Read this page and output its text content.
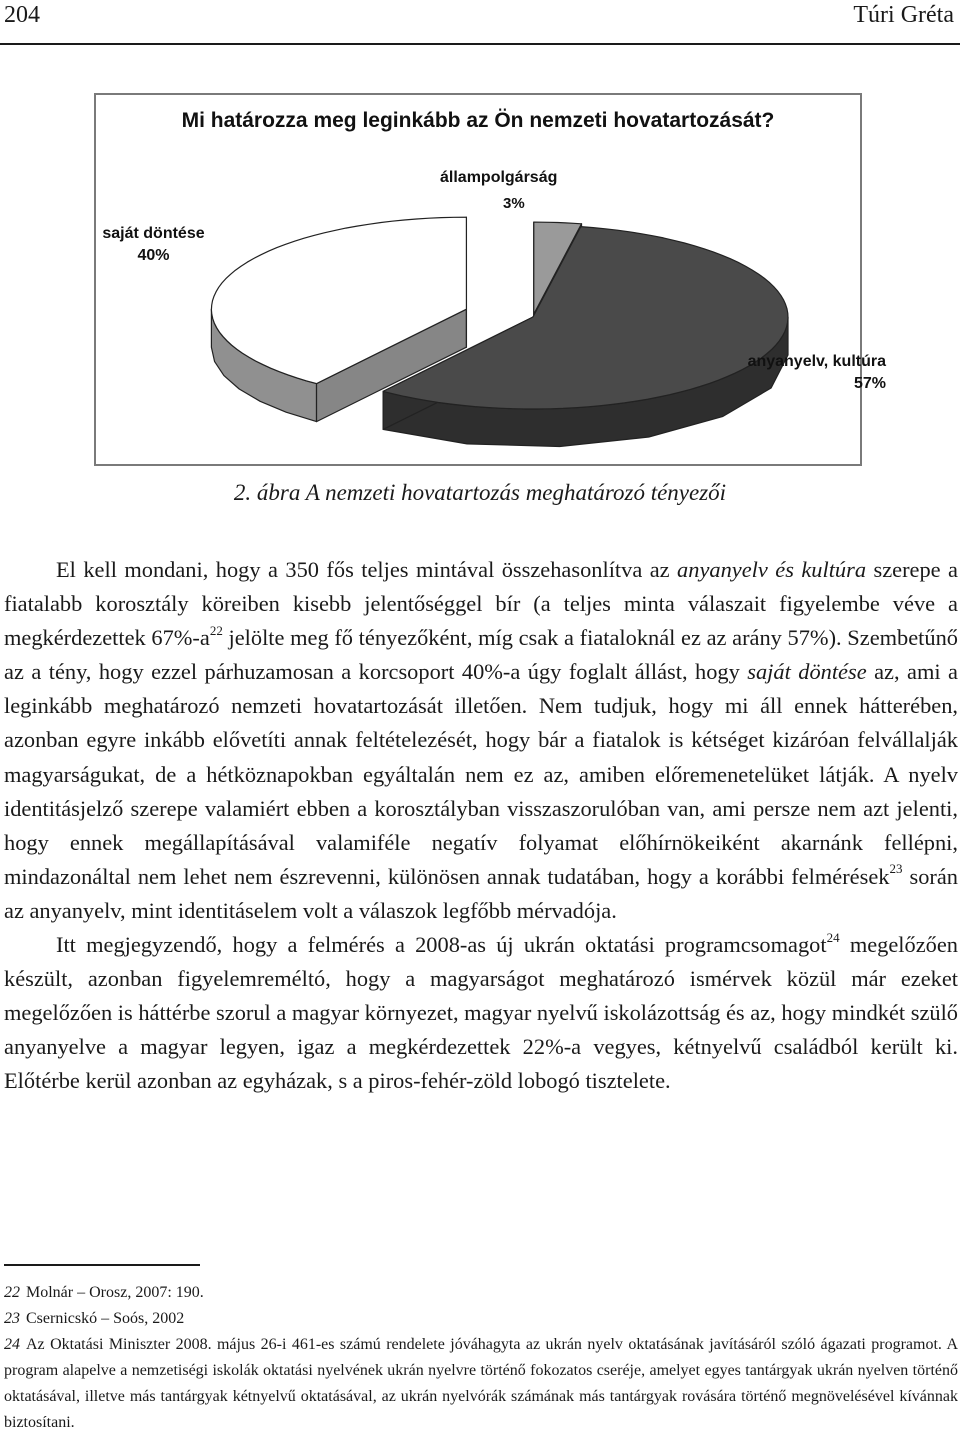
204	Túri Gréta
Mi határozza meg leginkább az Ön nemzeti hovatartozását?
állampolgárság
3%
saját döntése
40%
anyanyelv, kultúra
57%
2. ábra A nemzeti hovatartozás meghatározó tényezői

El kell mondani, hogy a 350 fős teljes mintával összehasonlítva az anyanyelv és kultúra szerepe a fiatalabb korosztály köreiben kisebb jelentőséggel bír (a teljes minta válaszait figyelembe véve a megkérdezettek $67\%-a^{22}$ jelölte meg fő tényezőként, míg csak a fiataloknál ez az arány 57%). Szembetűnő az a tény, hogy ezzel párhuzamosan a korcsoport 40%-a úgy foglalt állást, hogy saját döntése az, ami a leginkább meghatározó nemzeti hovatartozását illetően. Nem tudjuk, hogy mi áll ennek hátterében, azonban egyre inkább elővetíti annak feltételezését, hogy bár a fiatalok is kétséget kizáróan felvállalják magyarságukat, de a hétköznapokban egyáltalán nem ez az, amiben előremenetelüket látják. A nyelv identitásjelző szerepe valamiért ebben a korosztályban visszaszorulóban van, ami persze nem azt jelenti, hogy ennek megállapításával valamiféle negatív folyamat előhírnökeiként akarnánk fellépni, mindazonáltal nem lehet nem észrevenni, különösen annak tudatában, hogy a korábbi felmérések$^{23}$ során az anyanyelv, mint identitáselem volt a válaszok legfőbb mérvadója.

Itt megjegyzendő, hogy a felmérés a 2008-as új ukrán oktatási programcsomagot$^{24}$ megelőzően készült, azonban figyelemreméltó, hogy a magyarságot meghatározó ismérvek közül már ezeket megelőzően is háttérbe szorul a magyar környezet, magyar nyelvű iskolázottság és az, hogy mindkét szülő anyanyelve a magyar legyen, igaz a megkérdezettek 22%-a vegyes, kétnyelvű családból került ki. Előtérbe kerül azonban az egyházak, s a piros-fehér-zöld lobogó tisztelete.

22 Molnár – Orosz, 2007: 190.

23 Csernicskó – Soós, 2002

24 Az Oktatási Miniszter 2008. május 26-i 461-es számú rendelete jóváhagyta az ukrán nyelv oktatásának javításáról szóló ágazati programot. A program alapelve a nemzetiségi iskolák oktatási nyelvének ukrán nyelvre történő fokozatos cseréje, amelyet egyes tantárgyak ukrán nyelven történő oktatásával, illetve más tantárgyak kétnyelvű oktatásával, az ukrán nyelvórák számának más tantárgyak rovására történő megnövelésével kívánnak biztosítani.
